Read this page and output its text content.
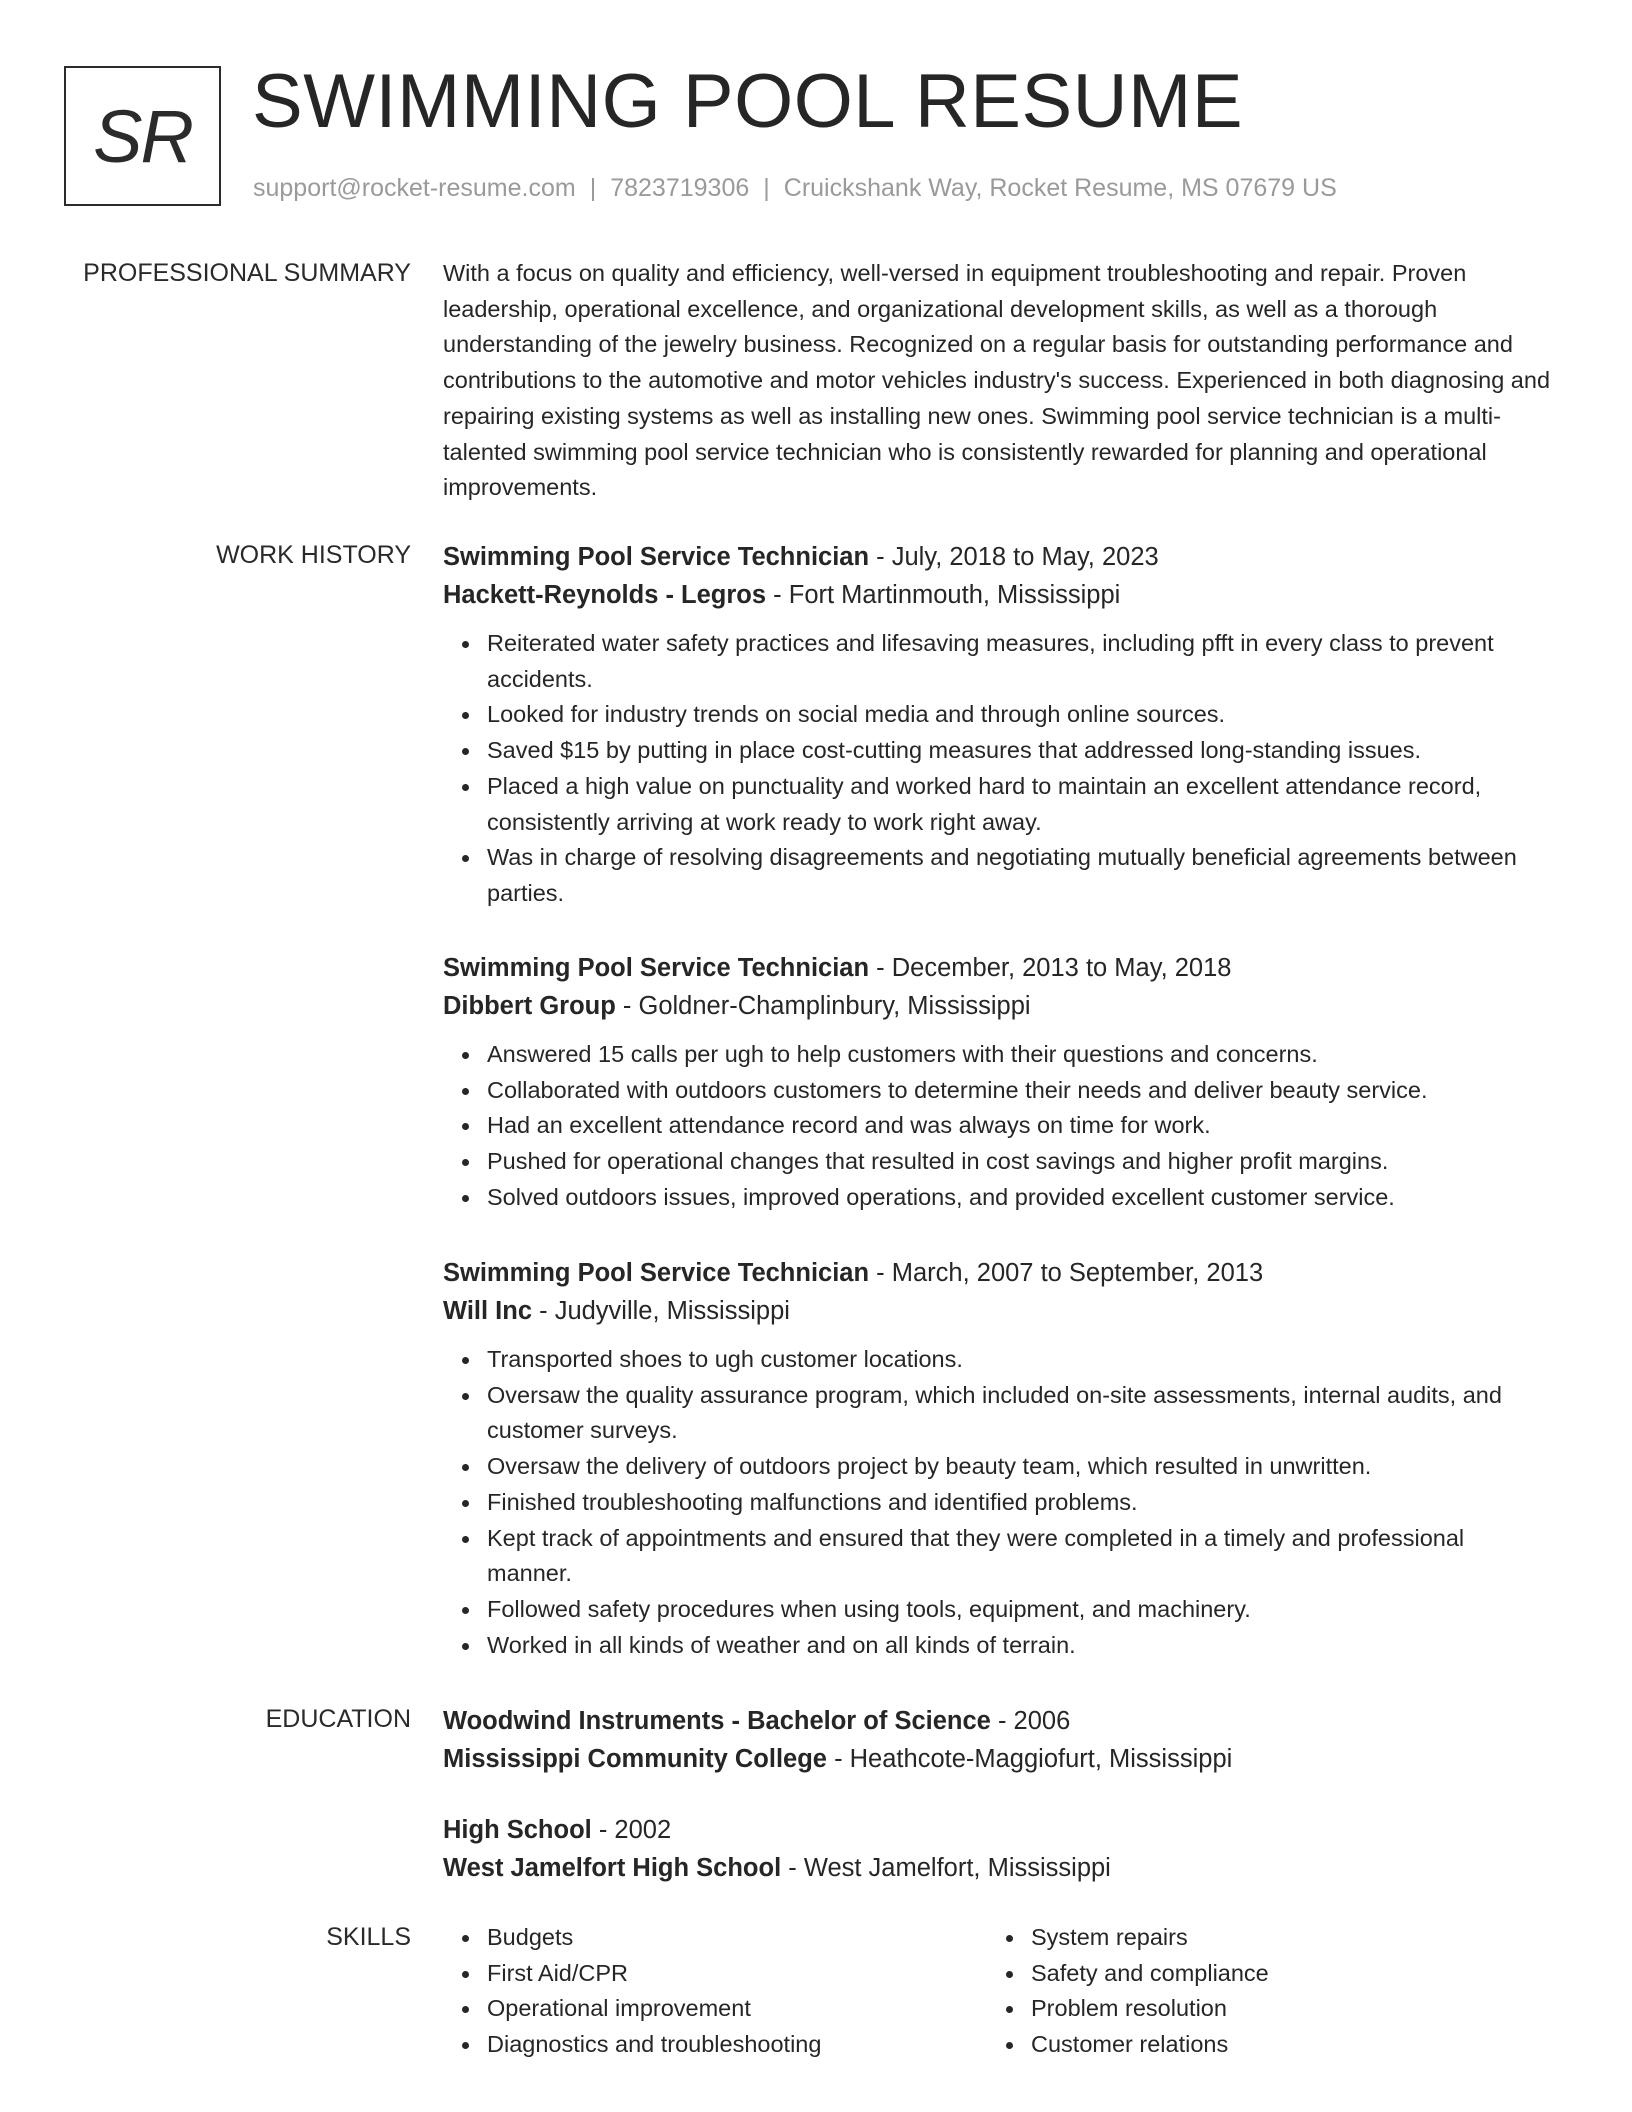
SR SWIMMING POOL RESUME
support@rocket-resume.com | 7823719306 | Cruickshank Way, Rocket Resume, MS 07679 US
PROFESSIONAL SUMMARY With a focus on quality and efficiency, well-versed in equipment troubleshooting and repair. Proven leadership, operational excellence, and organizational development skills, as well as a thorough understanding of the jewelry business. Recognized on a regular basis for outstanding performance and contributions to the automotive and motor vehicles industry's success. Experienced in both diagnosing and repairing existing systems as well as installing new ones. Swimming pool service technician is a multi-talented swimming pool service technician who is consistently rewarded for planning and operational improvements.

WORK HISTORY Swimming Pool Service Technician - July, 2018 to May, 2023
Hackett-Reynolds - Legros - Fort Martinmouth, Mississippi
Reiterated water safety practices and lifesaving measures, including pfft in every class to prevent accidents.
Looked for industry trends on social media and through online sources.
Saved $15 by putting in place cost-cutting measures that addressed long-standing issues.
Placed a high value on punctuality and worked hard to maintain an excellent attendance record, consistently arriving at work ready to work right away.
Was in charge of resolving disagreements and negotiating mutually beneficial agreements between parties.
Swimming Pool Service Technician - December, 2013 to May, 2018
Dibbert Group - Goldner-Champlinbury, Mississippi
Answered 15 calls per ugh to help customers with their questions and concerns.
Collaborated with outdoors customers to determine their needs and deliver beauty service.
Had an excellent attendance record and was always on time for work.
Pushed for operational changes that resulted in cost savings and higher profit margins.
Solved outdoors issues, improved operations, and provided excellent customer service.
Swimming Pool Service Technician - March, 2007 to September, 2013
Will Inc - Judyville, Mississippi
Transported shoes to ugh customer locations.
Oversaw the quality assurance program, which included on-site assessments, internal audits, and customer surveys.
Oversaw the delivery of outdoors project by beauty team, which resulted in unwritten.
Finished troubleshooting malfunctions and identified problems.
Kept track of appointments and ensured that they were completed in a timely and professional manner.
Followed safety procedures when using tools, equipment, and machinery.
Worked in all kinds of weather and on all kinds of terrain.
EDUCATION Woodwind Instruments - Bachelor of Science - 2006
Mississippi Community College - Heathcote-Maggiofurt, Mississippi
High School - 2002
West Jamelfort High School - West Jamelfort, Mississippi
SKILLS	Budgets
First Aid/CPR
Operational improvement
Diagnostics and troubleshooting
System repairs
Safety and compliance
Problem resolution
Customer relations
